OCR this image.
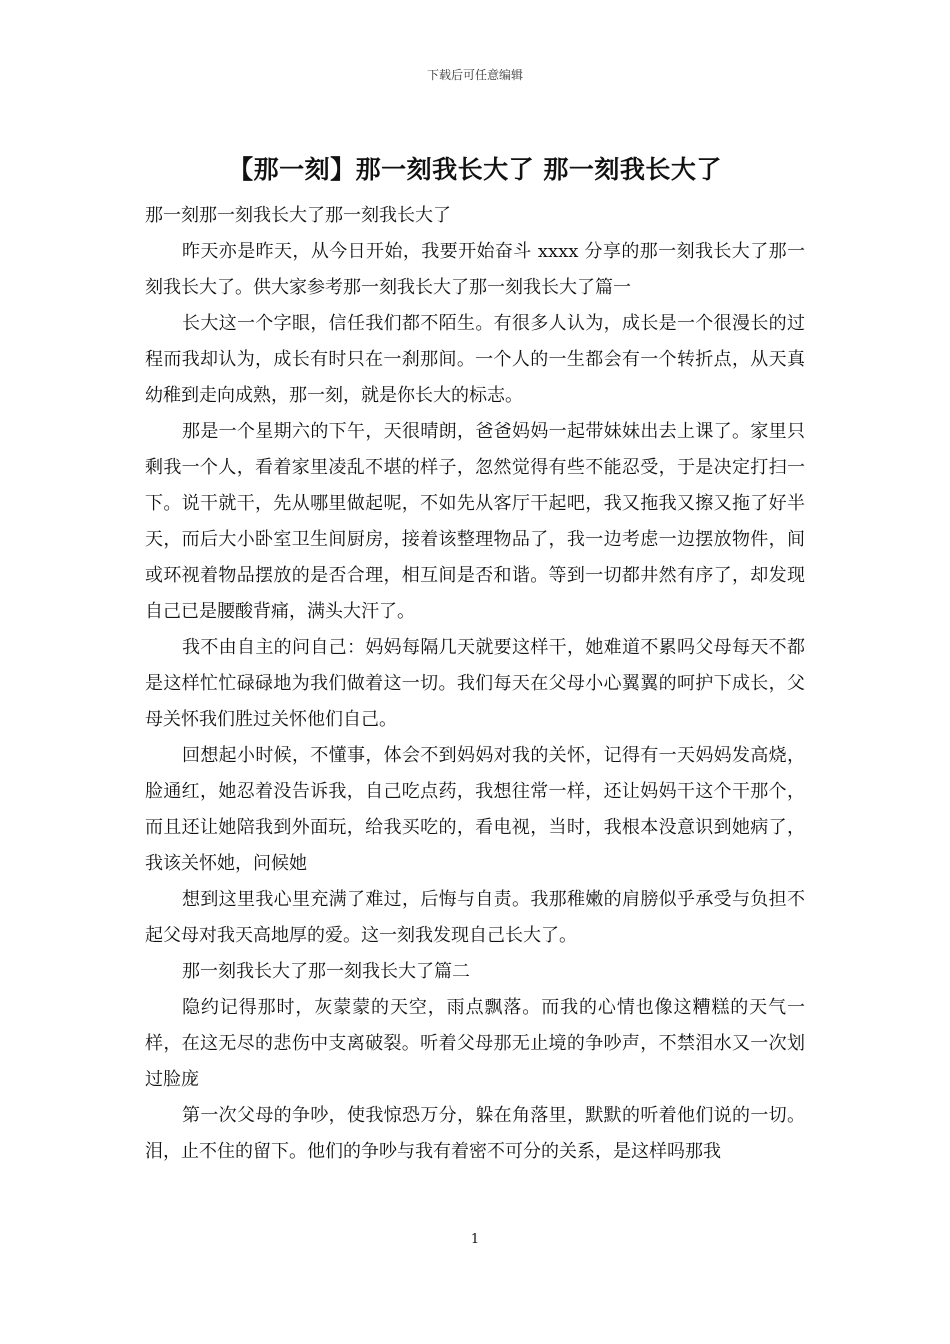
下载后可任意编辑
【那一刻】那一刻我长大了 那一刻我长大了

那一刻那一刻我长大了那一刻我长大了

昨天亦是昨天，从今日开始，我要开始奋斗 xxxx 分享的那一刻我长大了那一刻我长大了。供大家参考那一刻我长大了那一刻我长大了篇一

长大这一个字眼，信任我们都不陌生。有很多人认为，成长是一个很漫长的过程而我却认为，成长有时只在一刹那间。一个人的一生都会有一个转折点，从天真幼稚到走向成熟，那一刻，就是你长大的标志。

那是一个星期六的下午，天很晴朗，爸爸妈妈一起带妹妹出去上课了。家里只剩我一个人，看着家里凌乱不堪的样子，忽然觉得有些不能忍受，于是决定打扫一下。说干就干，先从哪里做起呢，不如先从客厅干起吧，我又拖我又擦又拖了好半天，而后大小卧室卫生间厨房，接着该整理物品了，我一边考虑一边摆放物件，间或环视着物品摆放的是否合理，相互间是否和谐。等到一切都井然有序了，却发现自己已是腰酸背痛，满头大汗了。

我不由自主的问自己：妈妈每隔几天就要这样干，她难道不累吗父母每天不都是这样忙忙碌碌地为我们做着这一切。我们每天在父母小心翼翼的呵护下成长，父母关怀我们胜过关怀他们自己。

回想起小时候，不懂事，体会不到妈妈对我的关怀，记得有一天妈妈发高烧，脸通红，她忍着没告诉我，自己吃点药，我想往常一样，还让妈妈干这个干那个，而且还让她陪我到外面玩，给我买吃的，看电视，当时，我根本没意识到她病了，我该关怀她，问候她

想到这里我心里充满了难过，后悔与自责。我那稚嫩的肩膀似乎承受与负担不起父母对我天高地厚的爱。这一刻我发现自己长大了。

那一刻我长大了那一刻我长大了篇二

隐约记得那时，灰蒙蒙的天空，雨点飘落。而我的心情也像这糟糕的天气一样，在这无尽的悲伤中支离破裂。听着父母那无止境的争吵声，不禁泪水又一次划过脸庞

第一次父母的争吵，使我惊恐万分，躲在角落里，默默的听着他们说的一切。泪，止不住的留下。他们的争吵与我有着密不可分的关系，是这样吗那我

1
